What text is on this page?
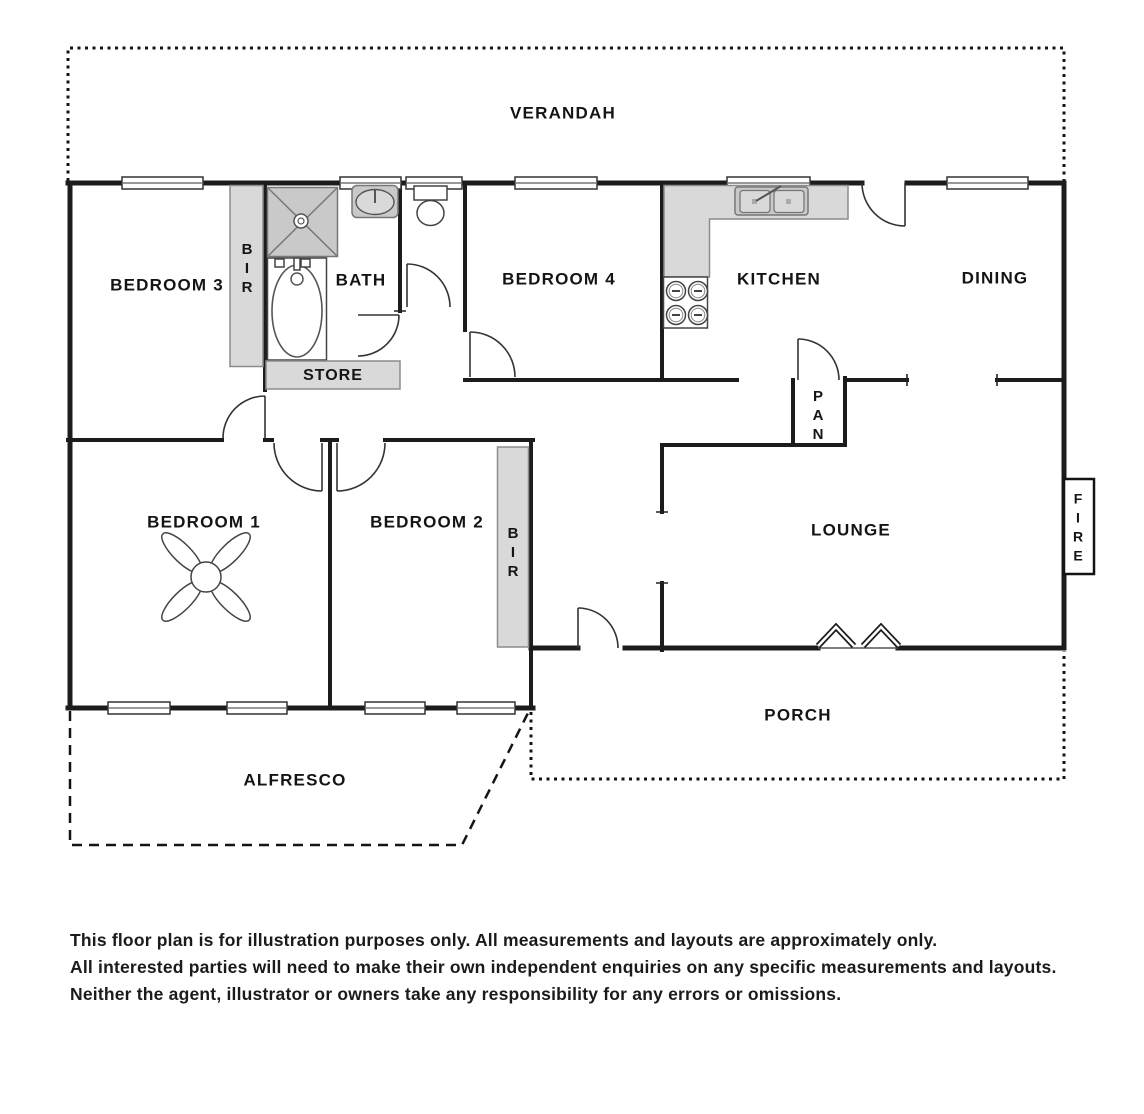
VERANDAH
BEDROOM 3	BATH	BEDROOM 4	KITCHEN	DINING
STORE
BEDROOM 1	BEDROOM 2	LOUNGE
PORCH
ALFRESCO
B
I
R
B
I
R
P
A
N
F
I
R
E
This floor plan is for illustration purposes only. All measurements and layouts are approximately only.
All interested parties will need to make their own independent enquiries on any specific measurements and layouts.
Neither the agent, illustrator or owners take any responsibility for any errors or omissions.
